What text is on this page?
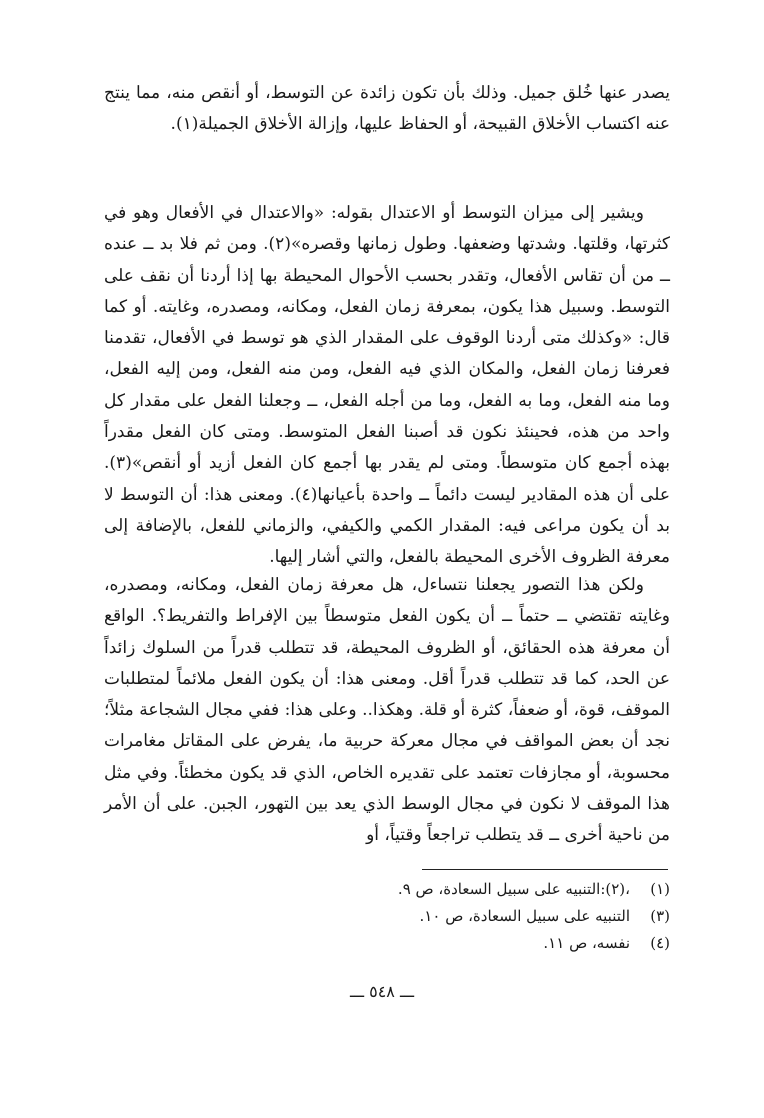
يصدر عنها خُلق جميل. وذلك بأن تكون زائدة عن التوسط، أو أنقص منه، مما ينتج عنه اكتساب الأخلاق القبيحة، أو الحفاظ عليها، وإزالة الأخلاق الجميلة(١).

ويشير إلى ميزان التوسط أو الاعتدال بقوله: «والاعتدال في الأفعال وهو في كثرتها، وقلتها. وشدتها وضعفها. وطول زمانها وقصره»(٢). ومن ثم فلا بد ــ عنده ــ من أن تقاس الأفعال، وتقدر بحسب الأحوال المحيطة بها إذا أردنا أن نقف على التوسط. وسبيل هذا يكون، بمعرفة زمان الفعل، ومكانه، ومصدره، وغايته. أو كما قال: «وكذلك متى أردنا الوقوف على المقدار الذي هو توسط في الأفعال، تقدمنا فعرفنا زمان الفعل، والمكان الذي فيه الفعل، ومن منه الفعل، ومن إليه الفعل، وما منه الفعل، وما به الفعل، وما من أجله الفعل، ــ وجعلنا الفعل على مقدار كل واحد من هذه، فحينئذ نكون قد أصبنا الفعل المتوسط. ومتى كان الفعل مقدراً بهذه أجمع كان متوسطاً. ومتى لم يقدر بها أجمع كان الفعل أزيد أو أنقص»(٣). على أن هذه المقادير ليست دائماً ــ واحدة بأعيانها(٤). ومعنى هذا: أن التوسط لا بد أن يكون مراعى فيه: المقدار الكمي والكيفي، والزماني للفعل، بالإضافة إلى معرفة الظروف الأخرى المحيطة بالفعل، والتي أشار إليها.

ولكن هذا التصور يجعلنا نتساءل، هل معرفة زمان الفعل، ومكانه، ومصدره، وغايته تقتضي ــ حتماً ــ أن يكون الفعل متوسطاً بين الإفراط والتفريط؟. الواقع أن معرفة هذه الحقائق، أو الظروف المحيطة، قد تتطلب قدراً من السلوك زائداً عن الحد، كما قد تتطلب قدراً أقل. ومعنى هذا: أن يكون الفعل ملائماً لمتطلبات الموقف، قوة، أو ضعفاً، كثرة أو قلة. وهكذا.. وعلى هذا: ففي مجال الشجاعة مثلاً؛ نجد أن بعض المواقف في مجال معركة حربية ما، يفرض على المقاتل مغامرات محسوبة، أو مجازفات تعتمد على تقديره الخاص، الذي قد يكون مخطئاً. وفي مثل هذا الموقف لا نكون في مجال الوسط الذي يعد بين التهور، الجبن. على أن الأمر من ناحية أخرى ــ قد يتطلب تراجعاً وقتياً، أو

(١)
،(٢):التنبيه على سبيل السعادة، ص ٩.
(٣)
التنبيه على سبيل السعادة، ص ١٠.
(٤)
نفسه، ص ١١.
ـــ ٥٤٨ ـــ
